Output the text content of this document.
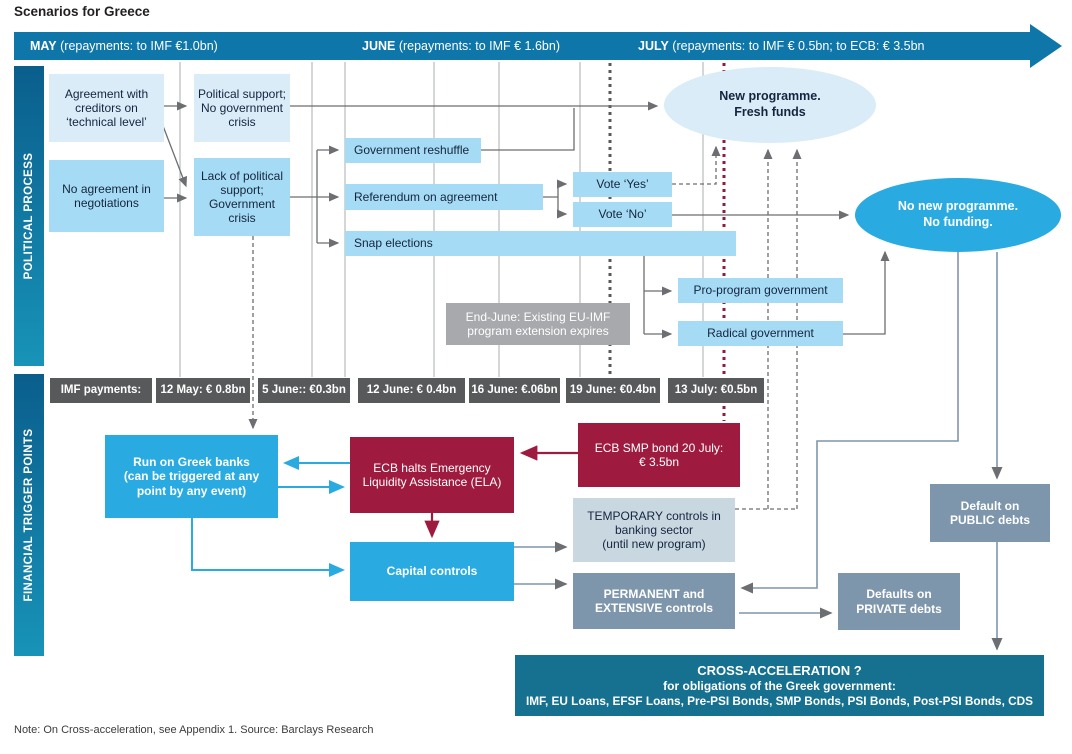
Scenarios for Greece
MAY (repayments: to IMF €1.0bn)	JUNE (repayments: to IMF € 1.6bn)	JULY (repayments: to IMF € 0.5bn; to ECB: € 3.5bn
POLITICAL PROCESS
FINANCIAL TRIGGER POINTS
Agreement with
creditors on
‘technical level’
Political support;
No government
crisis
No agreement in
negotiations
Lack of political
support;
Government
crisis
Government reshuffle
Referendum on agreement
Vote ‘Yes’
Vote ‘No’
Snap elections
Pro-program government
Radical government
End-June: Existing EU-IMF
program extension expires
New programme.
Fresh funds
No new programme.
No funding.
IMF payments:	12 May: € 0.8bn	5 June:: €0.3bn	12 June: € 0.4bn	16 June: €.06bn	19 June: €0.4bn	13 July: €0.5bn
Run on Greek banks
(can be triggered at any
point by any event)
ECB halts Emergency
Liquidity Assistance (ELA)
ECB SMP bond 20 July:
€ 3.5bn
Capital controls
TEMPORARY controls in
banking sector
(until new program)
PERMANENT and
EXTENSIVE controls
Default on
PUBLIC debts
Defaults on
PRIVATE debts
CROSS-ACCELERATION ?
for obligations of the Greek government:
IMF, EU Loans, EFSF Loans, Pre-PSI Bonds, SMP Bonds, PSI Bonds, Post-PSI Bonds, CDS
Note: On Cross-acceleration, see Appendix 1. Source: Barclays Research
